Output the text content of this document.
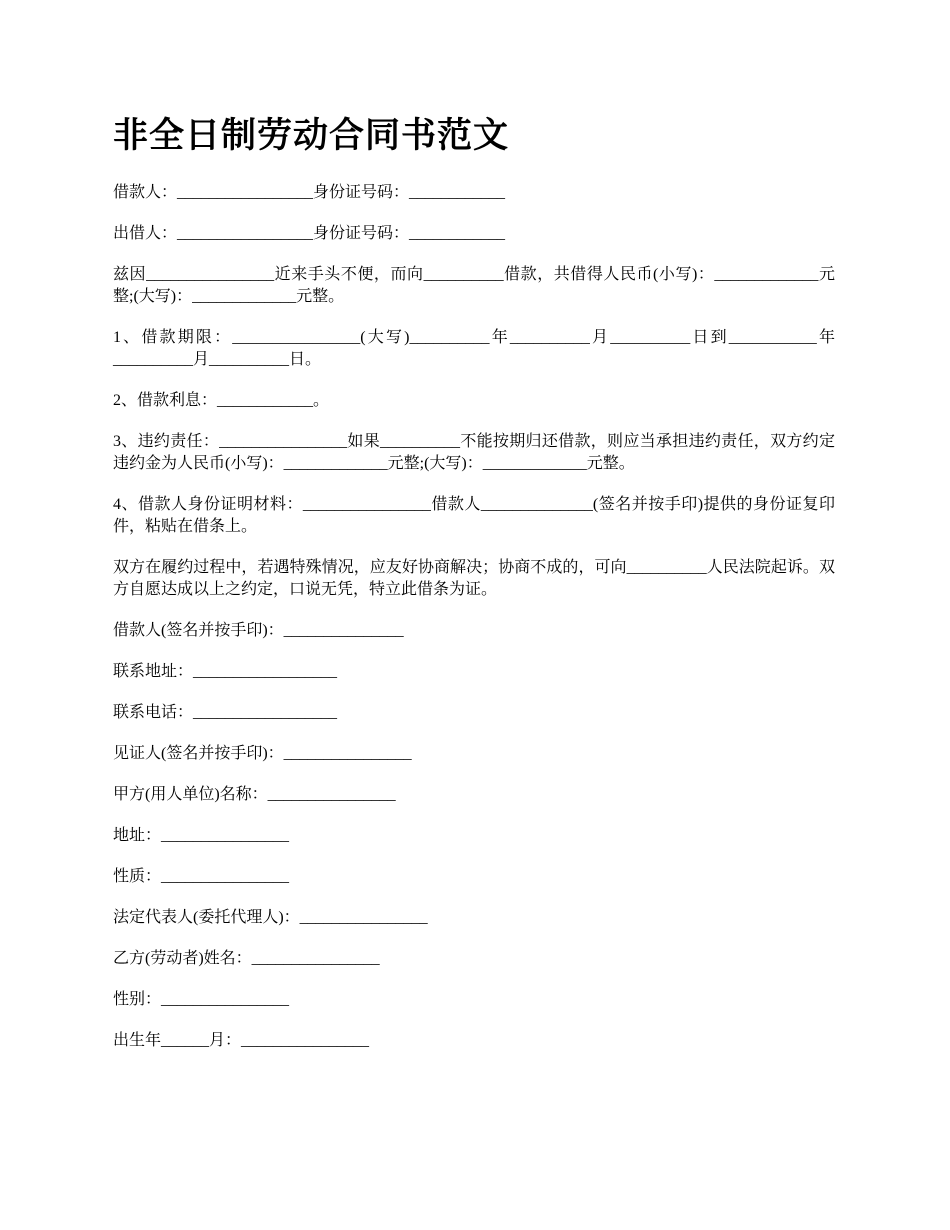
非全日制劳动合同书范文

借款人：_________________身份证号码：____________

出借人：_________________身份证号码：____________

兹因________________近来手头不便，而向__________借款，共借得人民币(小写)：_____________元整;(大写)：_____________元整。

1、借款期限：________________(大写)__________年__________月__________日到___________年__________月__________日。

2、借款利息：____________。

3、违约责任：________________如果__________不能按期归还借款，则应当承担违约责任，双方约定违约金为人民币(小写)：_____________元整;(大写)：_____________元整。

4、借款人身份证明材料：________________借款人______________(签名并按手印)提供的身份证复印件，粘贴在借条上。

双方在履约过程中，若遇特殊情况，应友好协商解决；协商不成的，可向__________人民法院起诉。双方自愿达成以上之约定，口说无凭，特立此借条为证。

借款人(签名并按手印)：_______________

联系地址：__________________

联系电话：__________________

见证人(签名并按手印)：________________

甲方(用人单位)名称：________________

地址：________________

性质：________________

法定代表人(委托代理人)：________________

乙方(劳动者)姓名：________________

性别：________________

出生年______月：________________
